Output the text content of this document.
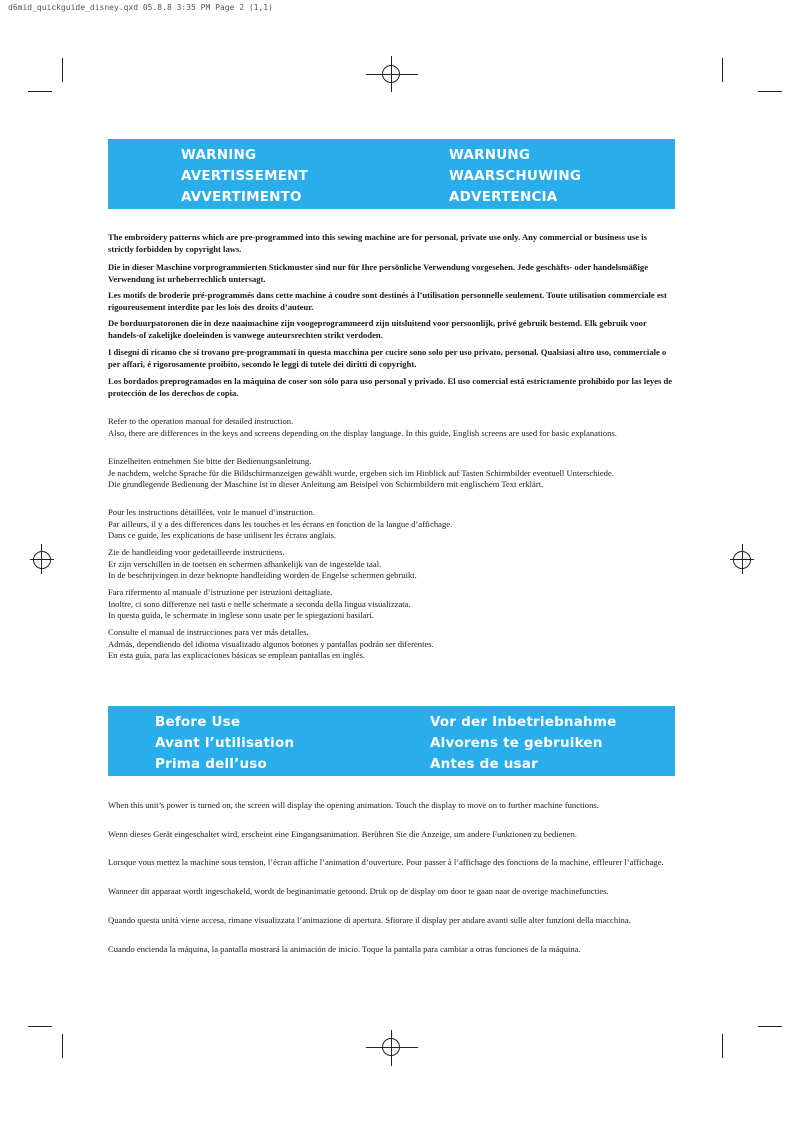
d6mid_quickguide_disney.qxd 05.8.8 3:35 PM Page 2 (1,1)
WARNING
AVERTISSEMENT
AVVERTIMENTO
WARNUNG
WAARSCHUWING
ADVERTENCIA

The embroidery patterns which are pre-programmed into this sewing machine are for personal, private use only. Any commercial or business use is strictly forbidden by copyright laws.

Die in dieser Maschine vorprogrammierten Stickmuster sind nur für Ihre persönliche Verwendung vorgesehen. Jede geschäfts- oder handelsmäßige Verwendung ist urheberrechlich untersagt.

Les motifs de broderie pré-programmés dans cette machine á coudre sont destinés á l’utilisation personnelle seulement. Toute utilisation commerciale est rigoureusement interdite par les lois des droits d’auteur.

De borduurpatoronen die in deze naaimachine zijn voogeprogrammeerd zijn uitsluitend voor persoonlijk, privé gebruik bestemd. Elk gebruik voor handels-of zakelijke doeleinden is vanwege auteursrechten strikt verdoden.

I disegni di ricamo che si trovano pre-programmati in questa macchina per cucire sono solo per uso privato, personal. Qualsiasi altro uso, commerciale o per affari, é rigorosamente proibito, secondo le leggi di tutele dei diritti di copyright.

Los bordados preprogramados en la máquina de coser son sólo para uso personal y privado. El uso comercial está estrictamente prohibido por las leyes de protección de los derechos de copia.

Refer to the operation manual for detailed instruction.
Also, there are differences in the keys and screens depending on the display language. In this guide, English screens are used for basic explanations.

Einzelheiten entnehmen Sie bitte der Bedienungsanleitung.
Je nachdem, welche Sprache für die Bildschirmanzeigen gewählt wurde, ergeben sich im Hinblick auf Tasten Schirmbilder eventuell Unterschiede.
Die grundlegende Bedienung der Maschine ist in dieser Anleitung am Beisipel von Schirmbildern mit englischem Text erklärt.

Pour les instructions détaillées, voir le manuel d’instruction.
Par ailleurs, il y a des differences dans les touches et les écrans en fonction de la langue d’affichage.
Dans ce guide, les explications de base utilisent les écrans anglais.

Zie de handleiding voor gedetailleerde instructiens.
Er zijn verschillen in de toetsen en schermen afhankelijk van de ingestelde taal.
In de beschrijvingen in deze beknopte handleiding worden de Engelse schermen gebruikt.

Fara rifermento al manuale d’istruzione per istruzioni dettagliate.
Inoltre, ci sono differenze nei tasti e nelle schermate a seconda della lingua visualizzata.
In questa guida, le schermate in inglese sono usate per le spiegazioni basilari.

Consulte el manual de instrucciones para ver más detalles.
Admás, dependiendo del idioma visualizado algunos botones y pantallas podrán ser diferentes.
En esta guía, para las explicaciones básicas se emplean pantallas en inglés.

Before Use
Avant l’utilisation
Prima dell’uso
Vor der Inbetriebnahme
Alvorens te gebruiken
Antes de usar

When this unit’s power is turned on, the screen will display the opening animation. Touch the display to move on to further machine functions.

Wenn dieses Gerät eingeschaltet wird, erscheint eine Eingangsanimation. Berühren Sie die Anzeige, um andere Funktionen zu bedienen.

Lorsque vous mettez la machine sous tension, l’écran affiche l’animation d’ouverture. Pour passer à l’affichage des fonctions de la machine, effleurer l’affichage.

Wanneer dit apparaat wordt ingeschakeld, wordt de beginanimatie getoond. Druk op de display om door te gaan naar de overige machinefuncties.

Quando questa unità viene accesa, rimane visualizzata l’animazione di apertura. Sfiorare il display per andare avanti sulle alter funzioni della macchina.

Cuando encienda la máquina, la pantalla mostrará la animación de inicio. Toque la pantalla para cambiar a otras funciones de la máquina.
